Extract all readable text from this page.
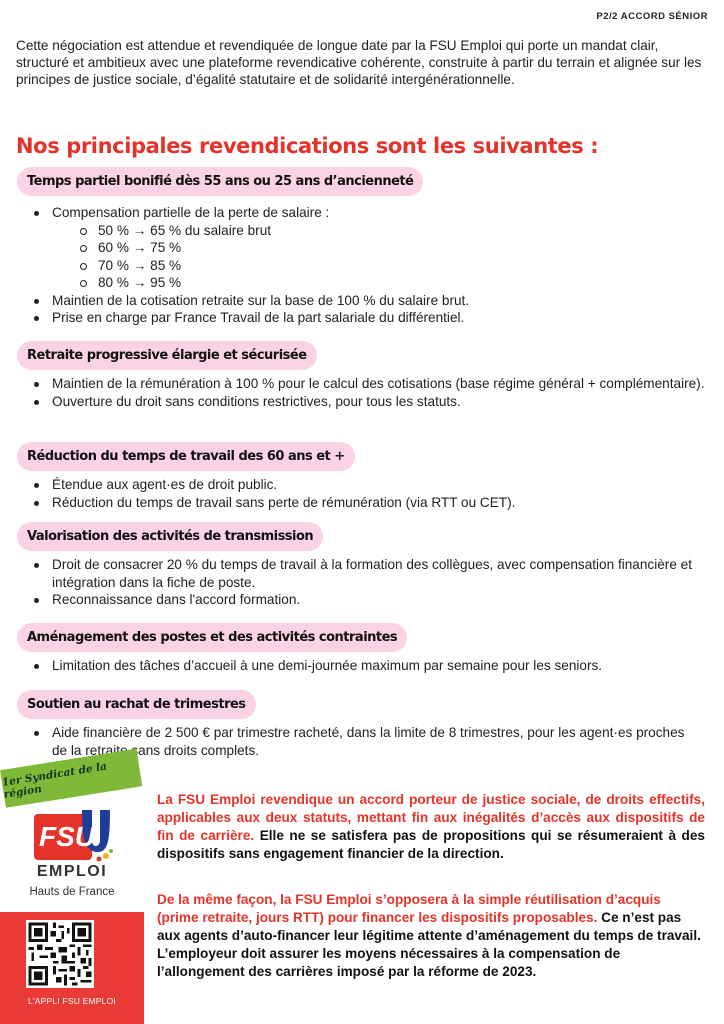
P2/2 ACCORD SÉNIOR

Cette négociation est attendue et revendiquée de longue date par la FSU Emploi qui porte un mandat clair, structuré et ambitieux avec une plateforme revendicative cohérente, construite à partir du terrain et alignée sur les principes de justice sociale, d’égalité statutaire et de solidarité intergénérationnelle.

Nos principales revendications sont les suivantes :
Temps partiel bonifié dès 55 ans ou 25 ans d’ancienneté
Compensation partielle de la perte de salaire :
50 % → 65 % du salaire brut
60 % → 75 %
70 % → 85 %
80 % → 95 %
Maintien de la cotisation retraite sur la base de 100 % du salaire brut.
Prise en charge par France Travail de la part salariale du différentiel.
Retraite progressive élargie et sécurisée
Maintien de la rémunération à 100 % pour le calcul des cotisations (base régime général + complémentaire).
Ouverture du droit sans conditions restrictives, pour tous les statuts.
Réduction du temps de travail des 60 ans et +
Étendue aux agent·es de droit public.
Réduction du temps de travail sans perte de rémunération (via RTT ou CET).
Valorisation des activités de transmission
Droit de consacrer 20 % du temps de travail à la formation des collègues, avec compensation financière et intégration dans la fiche de poste.
Reconnaissance dans l'accord formation.
Aménagement des postes et des activités contraintes
Limitation des tâches d’accueil à une demi-journée maximum par semaine pour les seniors.
Soutien au rachat de trimestres
Aide financière de 2 500 € par trimestre racheté, dans la limite de 8 trimestres, pour les agent·es proches de la retraite sans droits complets.
1er Syndicat de la région
FSU
EMPLOI
Hauts de France
L'APPLI FSU EMPLOI

La FSU Emploi revendique un accord porteur de justice sociale, de droits effectifs, applicables aux deux statuts, mettant fin aux inégalités d’accès aux dispositifs de fin de carrière. Elle ne se satisfera pas de propositions qui se résumeraient à des dispositifs sans engagement financier de la direction.

De la même façon, la FSU Emploi s’opposera à la simple réutilisation d’acquis (prime retraite, jours RTT) pour financer les dispositifs proposables. Ce n’est pas aux agents d’auto-financer leur légitime attente d’aménagement du temps de travail. L’employeur doit assurer les moyens nécessaires à la compensation de l’allongement des carrières imposé par la réforme de 2023.
